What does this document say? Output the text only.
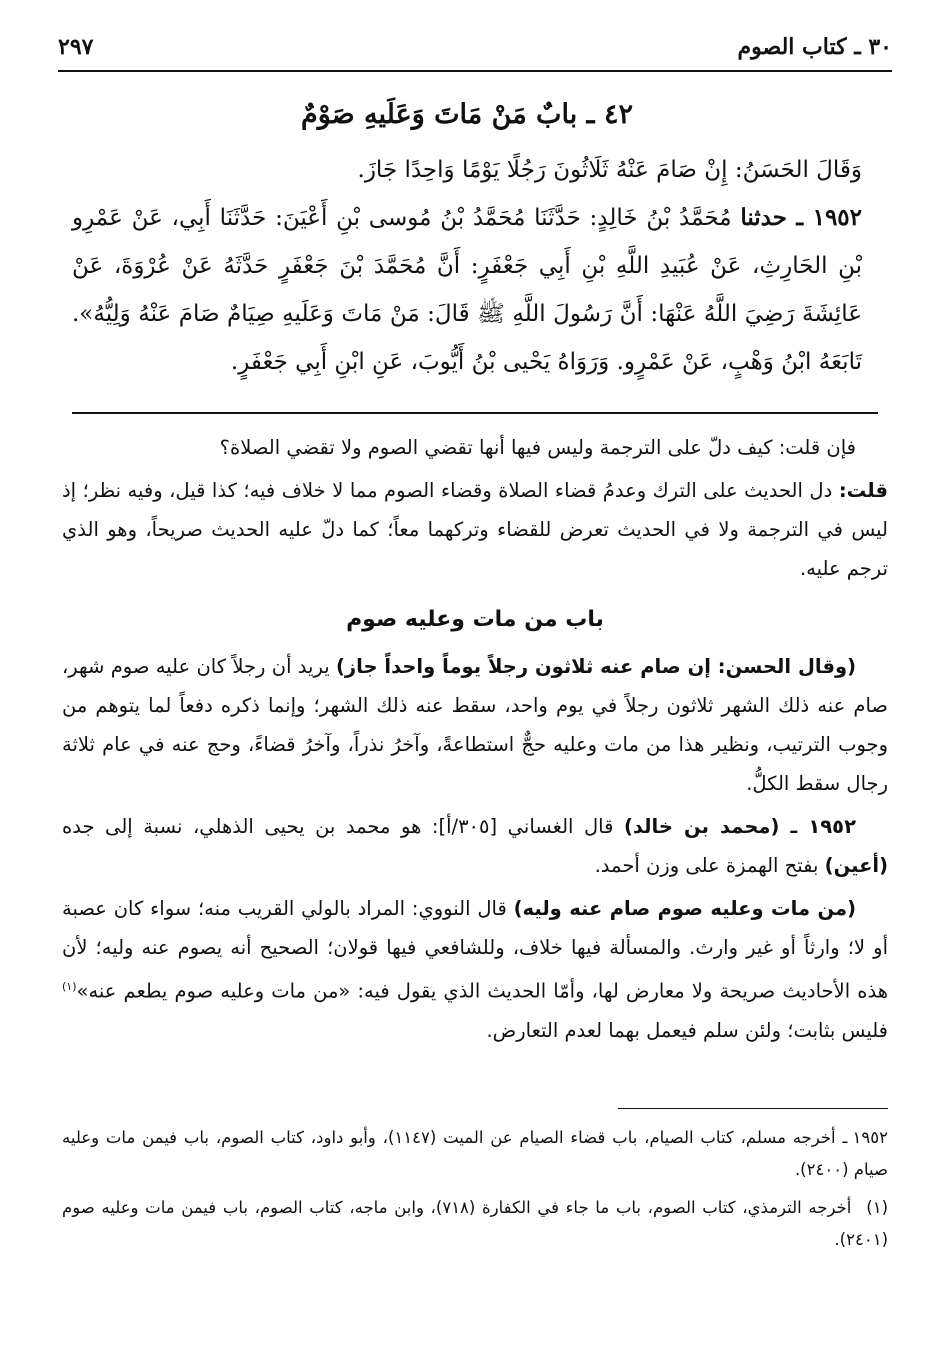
٣٠ ـ كتاب الصوم
٢٩٧
٤٢ ـ بابٌ مَنْ مَاتَ وَعَلَيهِ صَوْمٌ

وَقَالَ الحَسَنُ: إِنْ صَامَ عَنْهُ ثَلَاثُونَ رَجُلًا يَوْمًا وَاحِدًا جَازَ.

١٩٥٢ ـ حدثنا مُحَمَّدُ بْنُ خَالِدٍ: حَدَّثَنَا مُحَمَّدُ بْنُ مُوسى بْنِ أَعْيَنَ: حَدَّثَنَا أَبِي، عَنْ عَمْرِو بْنِ الحَارِثِ، عَنْ عُبَيدِ اللَّهِ بْنِ أَبِي جَعْفَرٍ: أَنَّ مُحَمَّدَ بْنَ جَعْفَرٍ حَدَّثَهُ عَنْ عُرْوَةَ، عَنْ عَائِشَةَ رَضِيَ اللَّهُ عَنْهَا: أَنَّ رَسُولَ اللَّهِ ﷺ قَالَ: مَنْ مَاتَ وَعَلَيهِ صِيَامٌ صَامَ عَنْهُ وَلِيُّهُ». تَابَعَهُ ابْنُ وَهْبٍ، عَنْ عَمْرٍو. وَرَوَاهُ يَحْيى بْنُ أَيُّوبَ، عَنِ ابْنِ أَبِي جَعْفَرٍ.

فإن قلت: كيف دلّ على الترجمة وليس فيها أنها تقضي الصوم ولا تقضي الصلاة؟

قلت: دل الحديث على الترك وعدمُ قضاء الصلاة وقضاء الصوم مما لا خلاف فيه؛ كذا قيل، وفيه نظر؛ إذ ليس في الترجمة ولا في الحديث تعرض للقضاء وتركهما معاً؛ كما دلّ عليه الحديث صريحاً، وهو الذي ترجم عليه.

باب من مات وعليه صوم

(وقال الحسن: إن صام عنه ثلاثون رجلاً يوماً واحداً جاز) يريد أن رجلاً كان عليه صوم شهر، صام عنه ذلك الشهر ثلاثون رجلاً في يوم واحد، سقط عنه ذلك الشهر؛ وإنما ذكره دفعاً لما يتوهم من وجوب الترتيب، ونظير هذا من مات وعليه حجٌّ استطاعةً، وآخرُ نذراً، وآخرُ قضاءً، وحج عنه في عام ثلاثة رجال سقط الكلُّ.

١٩٥٢ ـ (محمد بن خالد) قال الغساني [٣٠٥/أ]: هو محمد بن يحيى الذهلي، نسبة إلى جده (أعين) بفتح الهمزة على وزن أحمد.

(من مات وعليه صوم صام عنه وليه) قال النووي: المراد بالولي القريب منه؛ سواء كان عصبة أو لا؛ وارثاً أو غير وارث. والمسألة فيها خلاف، وللشافعي فيها قولان؛ الصحيح أنه يصوم عنه وليه؛ لأن هذه الأحاديث صريحة ولا معارض لها، وأمّا الحديث الذي يقول فيه: «من مات وعليه صوم يطعم عنه»$^{(١)}$ فليس بثابت؛ ولئن سلم فيعمل بهما لعدم التعارض.

١٩٥٢ ـ أخرجه مسلم، كتاب الصيام، باب قضاء الصيام عن الميت (١١٤٧)، وأبو داود، كتاب الصوم، باب فيمن مات وعليه صيام (٢٤٠٠).

(١) أخرجه الترمذي، كتاب الصوم، باب ما جاء في الكفارة (٧١٨)، وابن ماجه، كتاب الصوم، باب فيمن مات وعليه صوم (٢٤٠١).
